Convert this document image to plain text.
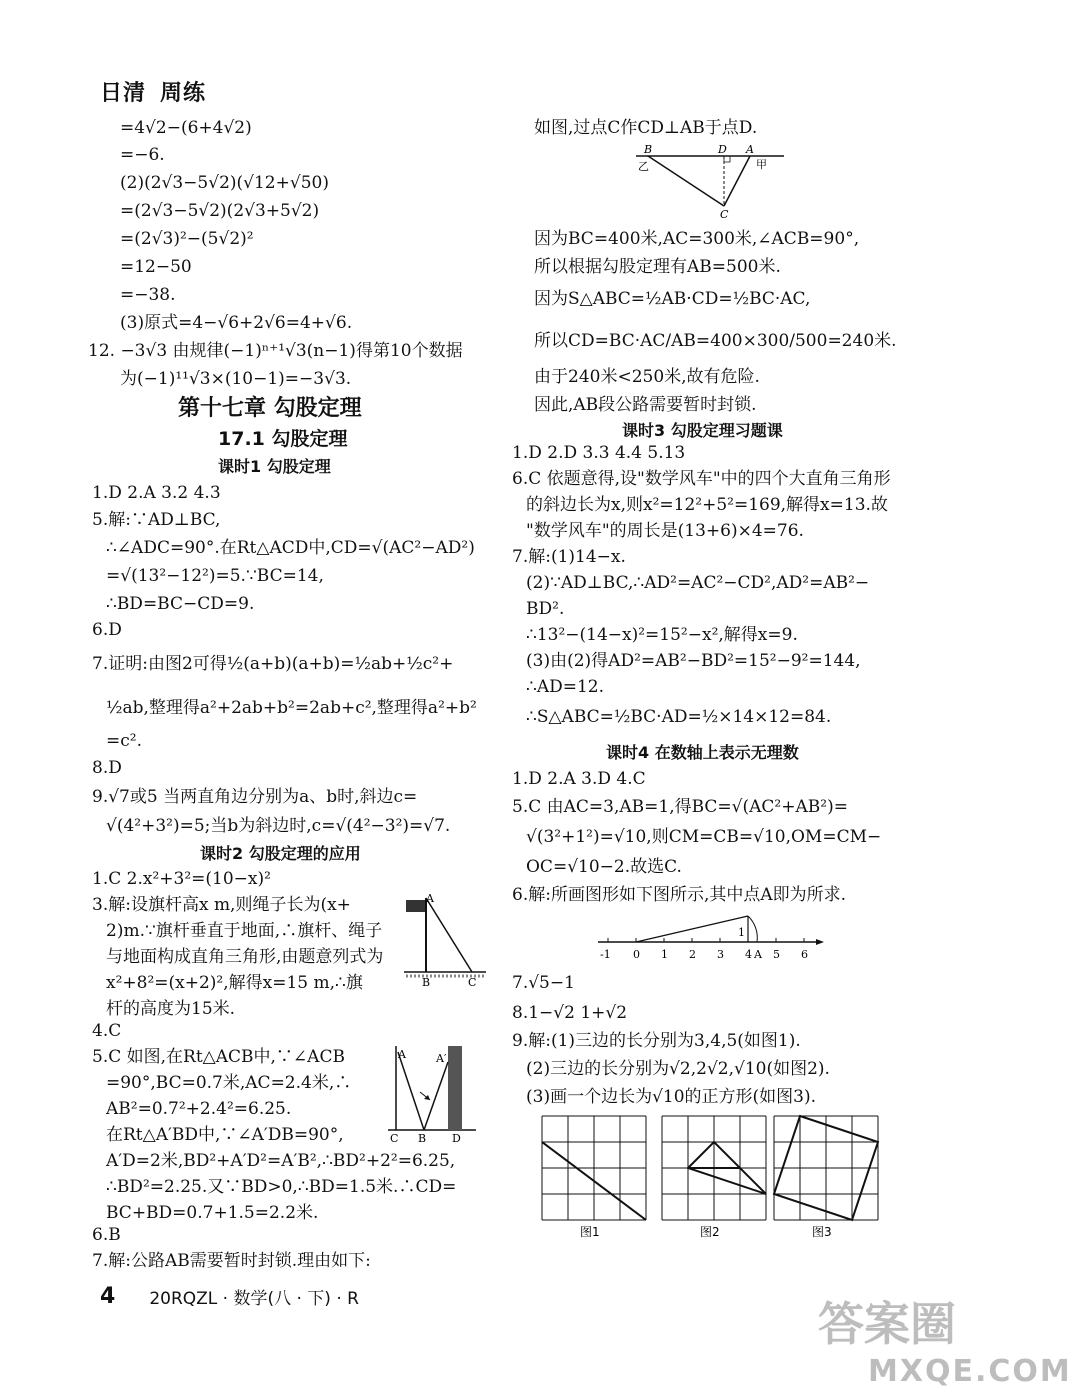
日清 周练
=4√2−(6+4√2)
=−6.
(2)(2√3−5√2)(√12+√50)
=(2√3−5√2)(2√3+5√2)
=(2√3)²−(5√2)²
=12−50
=−38.
(3)原式=4−√6+2√6=4+√6.
12. −3√3 由规律(−1)ⁿ⁺¹√3(n−1)得第10个数据
为(−1)¹¹√3×(10−1)=−3√3.
第十七章 勾股定理
17.1 勾股定理
课时1 勾股定理
1.D 2.A 3.2 4.3
5.解:∵AD⊥BC,
∴∠ADC=90°.在Rt△ACD中,CD=√(AC²−AD²)
=√(13²−12²)=5.∵BC=14,
∴BD=BC−CD=9.
6.D
7.证明:由图2可得½(a+b)(a+b)=½ab+½c²+
½ab,整理得a²+2ab+b²=2ab+c²,整理得a²+b²
=c².
8.D
9.√7或5 当两直角边分别为a、b时,斜边c=
√(4²+3²)=5;当b为斜边时,c=√(4²−3²)=√7.
课时2 勾股定理的应用
1.C 2.x²+3²=(10−x)²
3.解:设旗杆高x m,则绳子长为(x+
2)m.∵旗杆垂直于地面,∴旗杆、绳子
与地面构成直角三角形,由题意列式为
x²+8²=(x+2)²,解得x=15 m,∴旗
杆的高度为15米.
4.C
5.C 如图,在Rt△ACB中,∵∠ACB
=90°,BC=0.7米,AC=2.4米,∴
AB²=0.7²+2.4²=6.25.
在Rt△A′BD中,∵∠A′DB=90°,
A′D=2米,BD²+A′D²=A′B²,∴BD²+2²=6.25,
∴BD²=2.25.又∵BD>0,∴BD=1.5米.∴CD=
BC+BD=0.7+1.5=2.2米.
6.B
7.解:公路AB需要暂时封锁.理由如下:
A
B	C
A	A′
C B D
如图,过点C作CD⊥AB于点D.
因为BC=400米,AC=300米,∠ACB=90°,
所以根据勾股定理有AB=500米.
因为S△ABC=½AB·CD=½BC·AC,
所以CD=BC·AC/AB=400×300/500=240米.
由于240米<250米,故有危险.
因此,AB段公路需要暂时封锁.
课时3 勾股定理习题课
1.D 2.D 3.3 4.4 5.13
6.C 依题意得,设"数学风车"中的四个大直角三角形
的斜边长为x,则x²=12²+5²=169,解得x=13.故
"数学风车"的周长是(13+6)×4=76.
7.解:(1)14−x.
(2)∵AD⊥BC,∴AD²=AC²−CD²,AD²=AB²−
BD².
∴13²−(14−x)²=15²−x²,解得x=9.
(3)由(2)得AD²=AB²−BD²=15²−9²=144,
∴AD=12.
∴S△ABC=½BC·AD=½×14×12=84.
课时4 在数轴上表示无理数
1.D 2.A 3.D 4.C
5.C 由AC=3,AB=1,得BC=√(AC²+AB²)=
√(3²+1²)=√10,则CM=CB=√10,OM=CM−
OC=√10−2.故选C.
6.解:所画图形如下图所示,其中点A即为所求.
7.√5−1
8.1−√2 1+√2
9.解:(1)三边的长分别为3,4,5(如图1).
(2)三边的长分别为√2,2√2,√10(如图2).
(3)画一个边长为√10的正方形(如图3).
B	D A
C
乙	甲
-1 0 1 2 3 4 A 5 6
1
图1	图2	图3
4 20RQZL · 数学(八 · 下) · R	答案圈
MXQE.COM
